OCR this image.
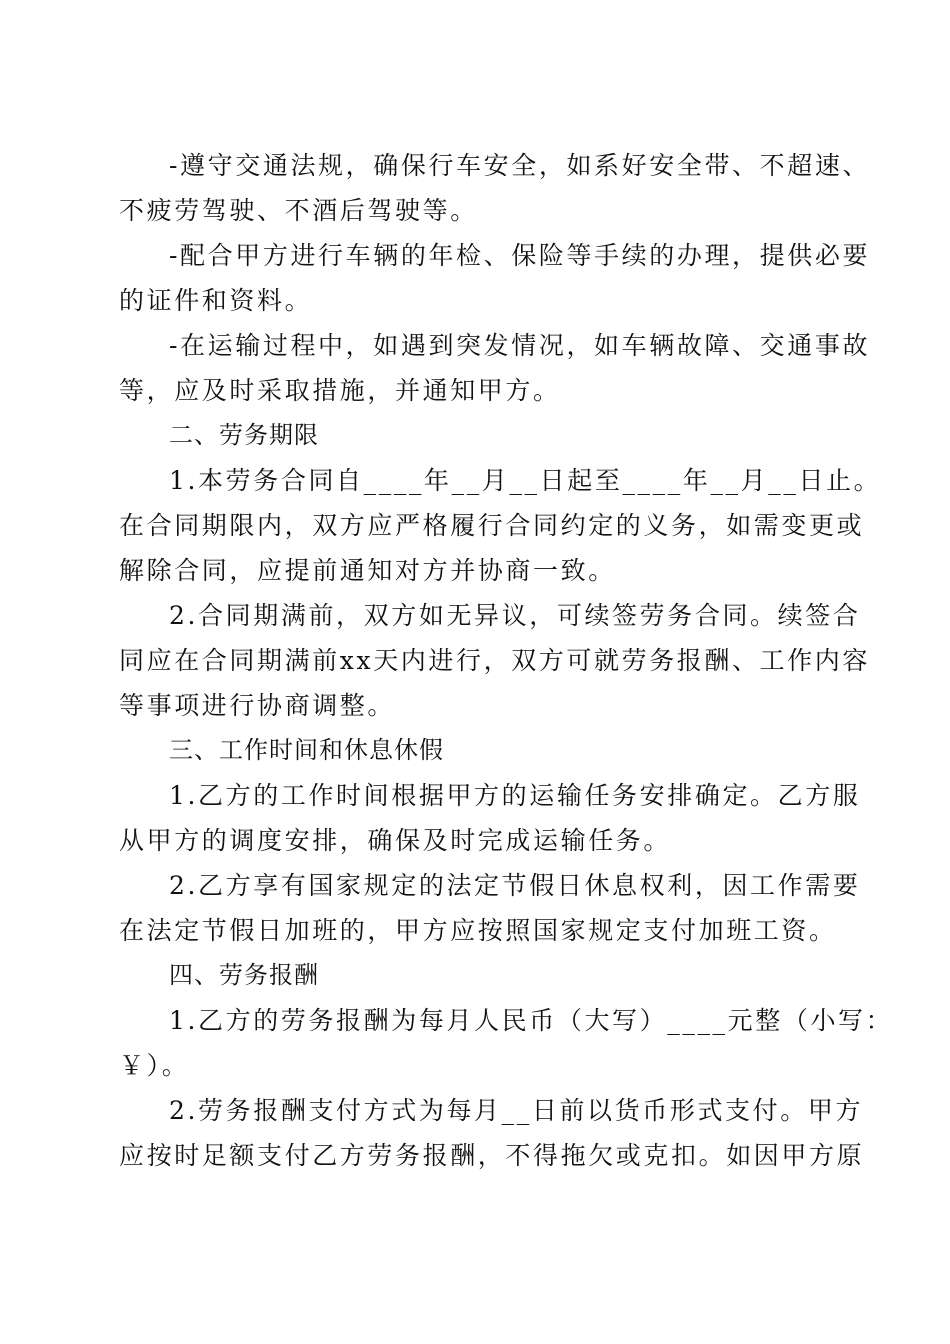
-遵守交通法规，确保行车安全，如系好安全带、不超速、
不疲劳驾驶、不酒后驾驶等。
-配合甲方进行车辆的年检、保险等手续的办理，提供必要
的证件和资料。
-在运输过程中，如遇到突发情况，如车辆故障、交通事故
等，应及时采取措施，并通知甲方。
二、劳务期限
1.本劳务合同自____年__月__日起至____年__月__日止。
在合同期限内，双方应严格履行合同约定的义务，如需变更或
解除合同，应提前通知对方并协商一致。
2.合同期满前，双方如无异议，可续签劳务合同。续签合
同应在合同期满前xx天内进行，双方可就劳务报酬、工作内容
等事项进行协商调整。
三、工作时间和休息休假
1.乙方的工作时间根据甲方的运输任务安排确定。乙方服
从甲方的调度安排，确保及时完成运输任务。
2.乙方享有国家规定的法定节假日休息权利，因工作需要
在法定节假日加班的，甲方应按照国家规定支付加班工资。
四、劳务报酬
1.乙方的劳务报酬为每月人民币（大写）____元整（小写：
￥）。
2.劳务报酬支付方式为每月__日前以货币形式支付。甲方
应按时足额支付乙方劳务报酬，不得拖欠或克扣。如因甲方原
